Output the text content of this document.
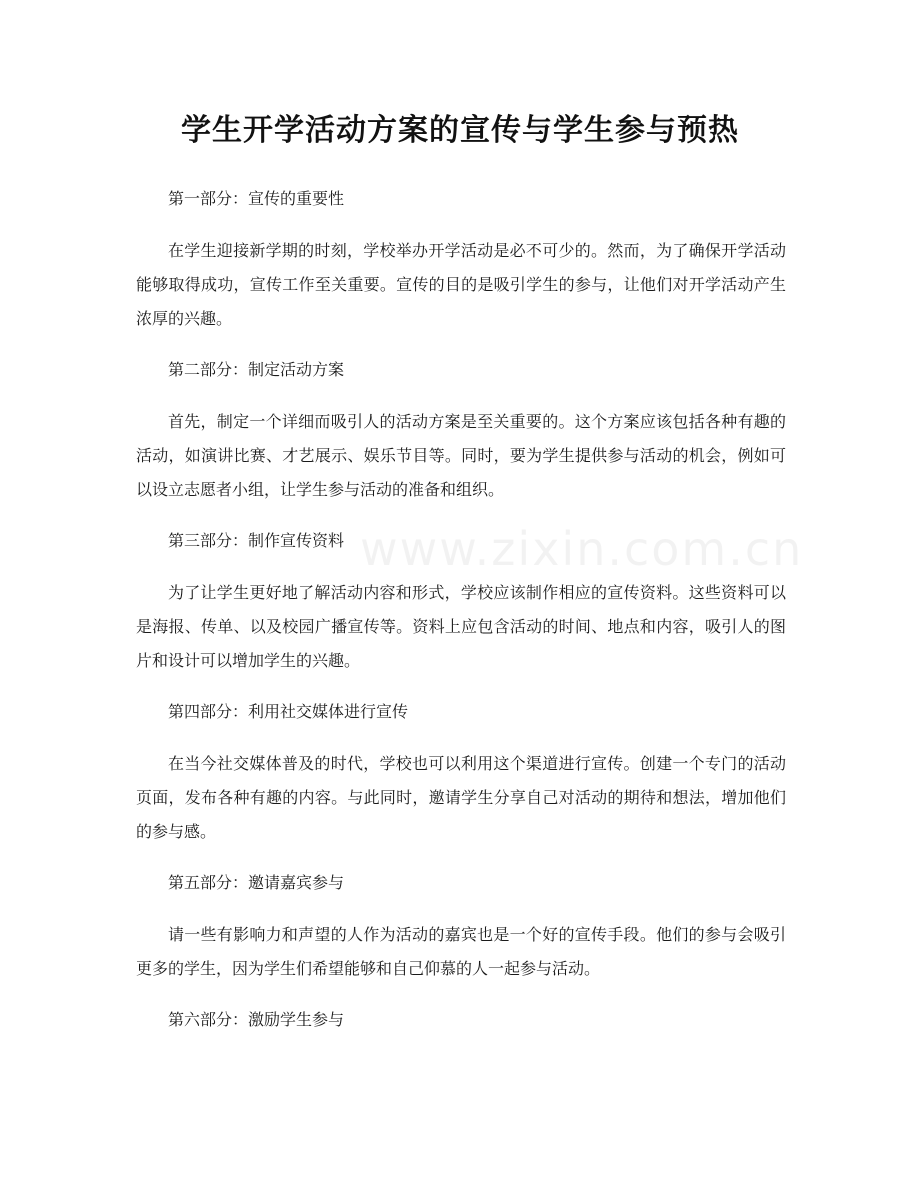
学生开学活动方案的宣传与学生参与预热
www.zixin.com.cn

第一部分：宣传的重要性

在学生迎接新学期的时刻，学校举办开学活动是必不可少的。然而，为了确保开学活动能够取得成功，宣传工作至关重要。宣传的目的是吸引学生的参与，让他们对开学活动产生浓厚的兴趣。

第二部分：制定活动方案

首先，制定一个详细而吸引人的活动方案是至关重要的。这个方案应该包括各种有趣的活动，如演讲比赛、才艺展示、娱乐节目等。同时，要为学生提供参与活动的机会，例如可以设立志愿者小组，让学生参与活动的准备和组织。

第三部分：制作宣传资料

为了让学生更好地了解活动内容和形式，学校应该制作相应的宣传资料。这些资料可以是海报、传单、以及校园广播宣传等。资料上应包含活动的时间、地点和内容，吸引人的图片和设计可以增加学生的兴趣。

第四部分：利用社交媒体进行宣传

在当今社交媒体普及的时代，学校也可以利用这个渠道进行宣传。创建一个专门的活动页面，发布各种有趣的内容。与此同时，邀请学生分享自己对活动的期待和想法，增加他们的参与感。

第五部分：邀请嘉宾参与

请一些有影响力和声望的人作为活动的嘉宾也是一个好的宣传手段。他们的参与会吸引更多的学生，因为学生们希望能够和自己仰慕的人一起参与活动。

第六部分：激励学生参与
